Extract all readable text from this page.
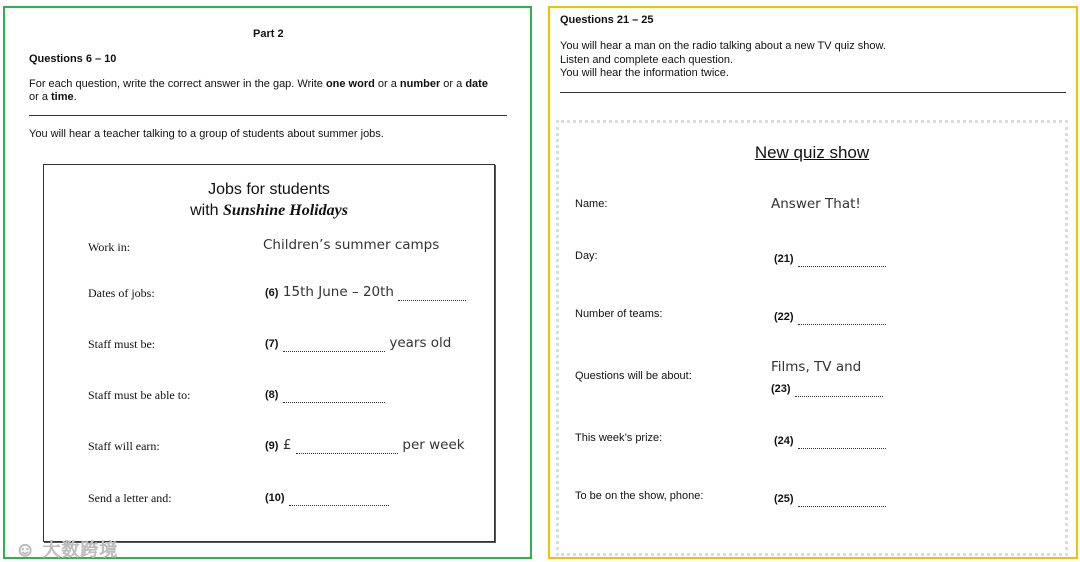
Part 2
Questions 6 – 10
For each question, write the correct answer in the gap. Write one word or a number or a date or a time.
You will hear a teacher talking to a group of students about summer jobs.
Jobs for students
with Sunshine Holidays
Work in:	Children’s summer camps
Dates of jobs:	(6) 15th June – 20th
Staff must be:	(7)	years old
Staff must be able to:	(8)
Staff will earn:	(9) £	per week
Send a letter and:	(10)
☺ 大数跨境
Questions 21 – 25
You will hear a man on the radio talking about a new TV quiz show.
Listen and complete each question.
You will hear the information twice.
New quiz show
Name:	Answer That!
Day:	(21)
Number of teams:	(22)
Questions will be about:
Films, TV and
(23)
This week’s prize:	(24)
To be on the show, phone:	(25)
